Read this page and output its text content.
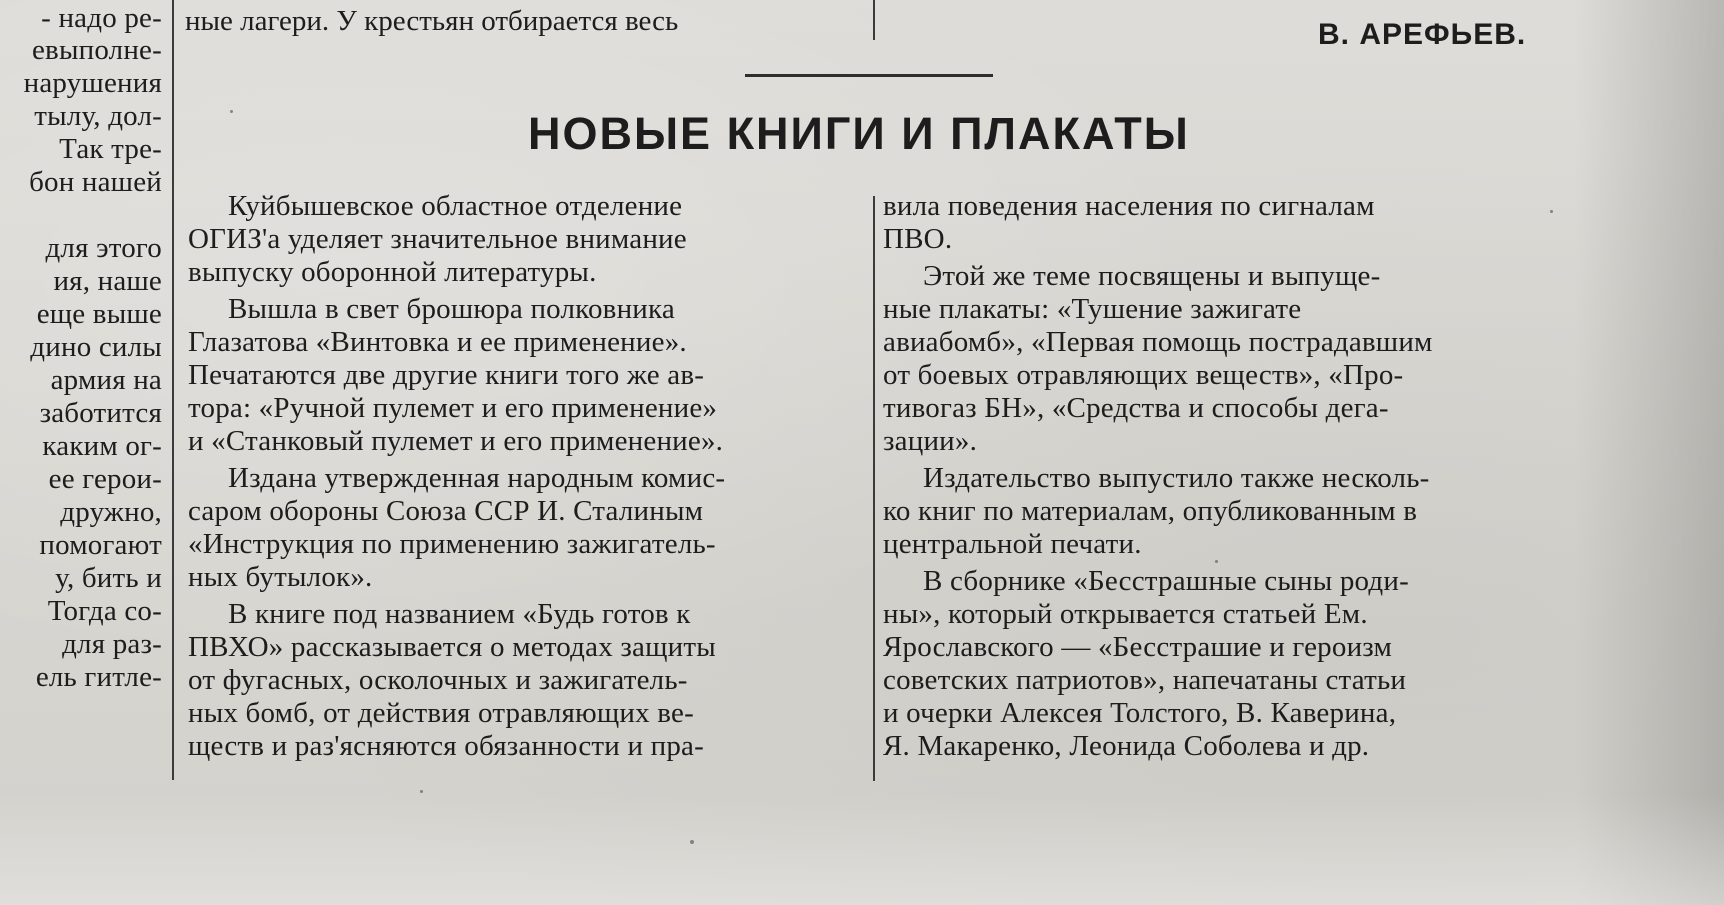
- надо ре-
евыполне-
нарушения
тылу, дол-
Так тре-
бон нашей
для этого
ия, наше
еще выше
дино силы
армия на
заботится
каким ог-
ее герои-
дружно,
помогают
у, бить и
Тогда со-
для раз-
ель гитле-
ные лагери. У крестьян отбирается весь	В. АРЕФЬЕВ.
НОВЫЕ КНИГИ И ПЛАКАТЫ
Куйбышевское областное отделение
ОГИЗ'а уделяет значительное внимание
выпуску оборонной литературы.
Вышла в свет брошюра полковника
Глазатова «Винтовка и ее применение».
Печатаются две другие книги того же ав-
тора: «Ручной пулемет и его применение»
и «Станковый пулемет и его применение».
Издана утвержденная народным комис-
саром обороны Союза ССР И. Сталиным
«Инструкция по применению зажигатель-
ных бутылок».
В книге под названием «Будь готов к
ПВХО» рассказывается о методах защиты
от фугасных, осколочных и зажигатель-
ных бомб, от действия отравляющих ве-
ществ и раз'ясняются обязанности и пра-
вила поведения населения по сигналам
ПВО.
Этой же теме посвящены и выпуще-
ные плакаты: «Тушение зажигате
авиабомб», «Первая помощь пострадавшим
от боевых отравляющих веществ», «Про-
тивогаз БН», «Средства и способы дега-
зации».
Издательство выпустило также несколь-
ко книг по материалам, опубликованным в
центральной печати.
В сборнике «Бесстрашные сыны роди-
ны», который открывается статьей Ем.
Ярославского — «Бесстрашие и героизм
советских патриотов», напечатаны статьи
и очерки Алексея Толстого, В. Каверина,
Я. Макаренко, Леонида Соболева и др.
